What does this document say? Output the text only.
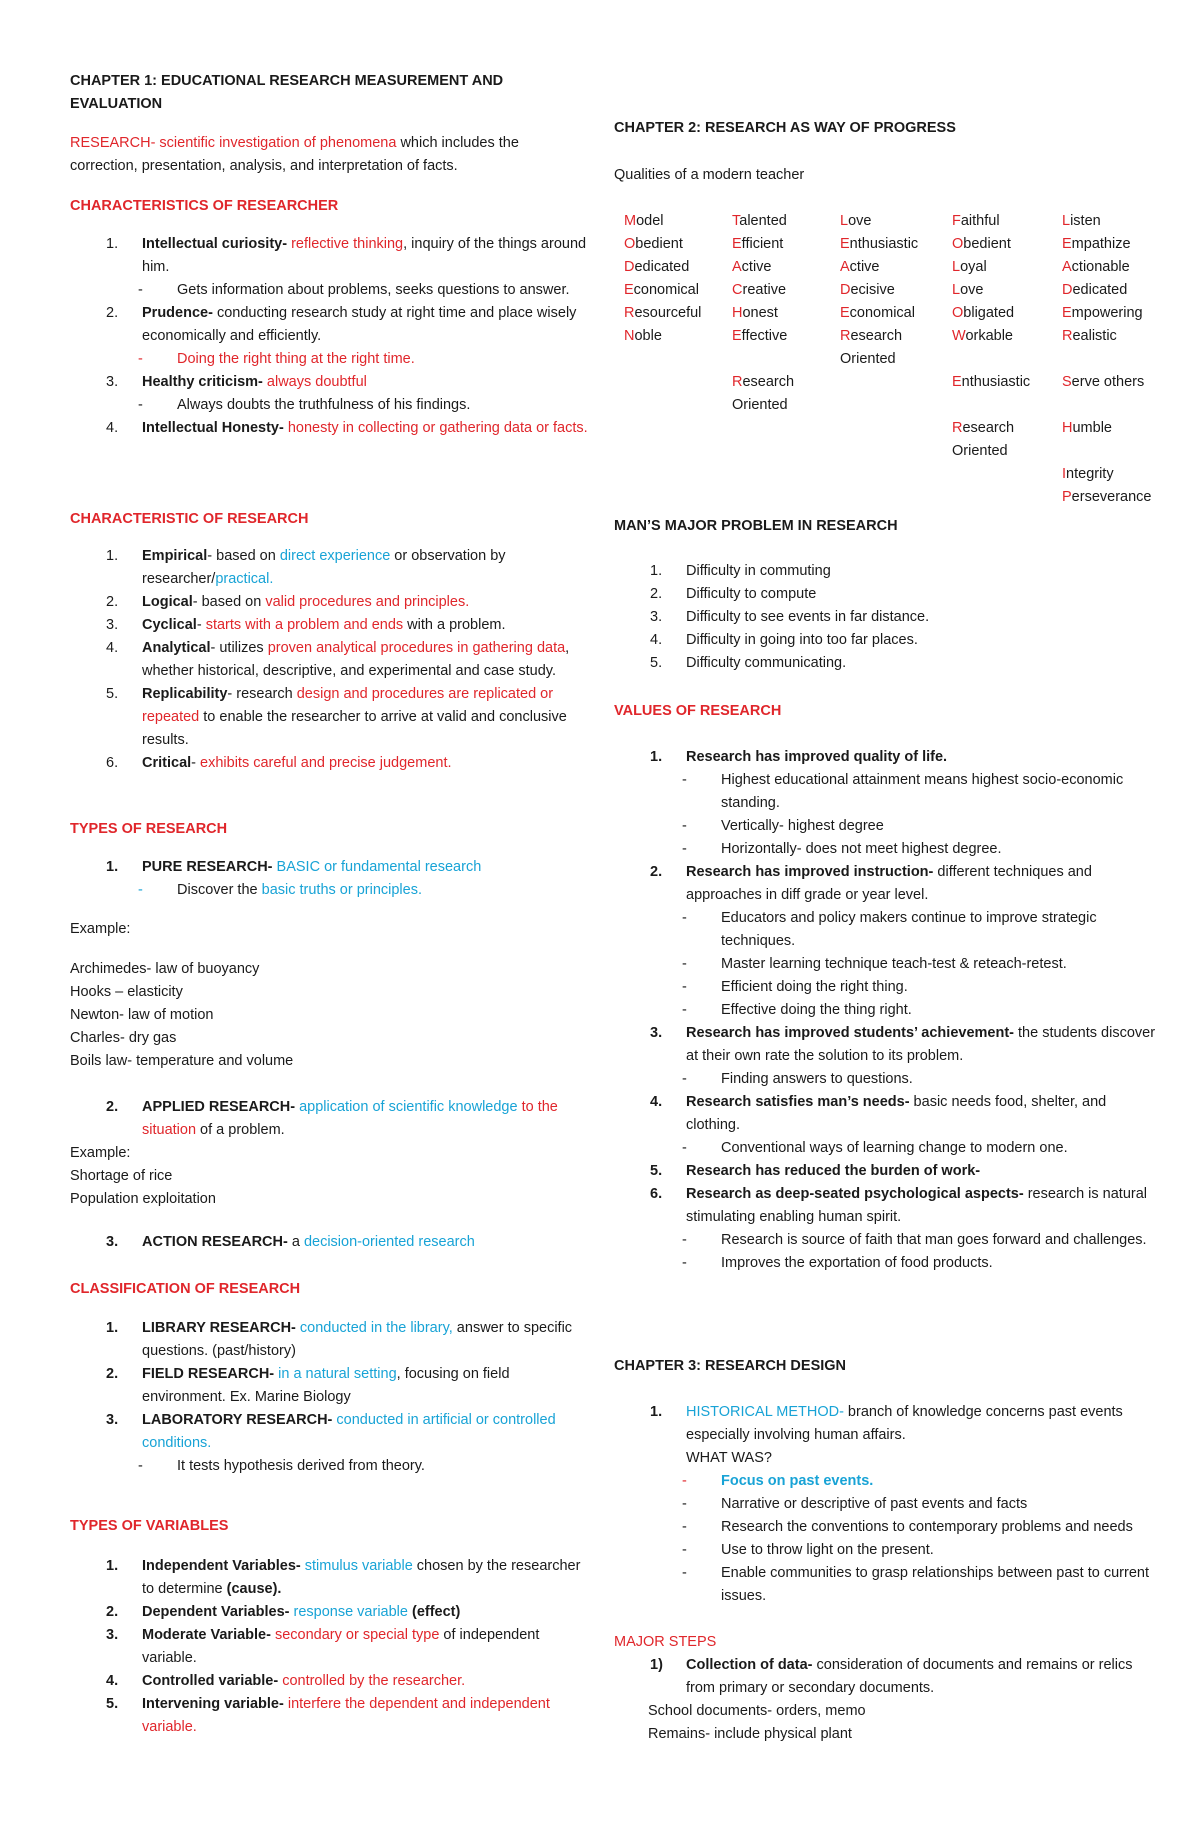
CHAPTER 1: EDUCATIONAL RESEARCH MEASUREMENT AND EVALUATION
RESEARCH- scientific investigation of phenomena which includes the correction, presentation, analysis, and interpretation of facts.
CHARACTERISTICS OF RESEARCHER
1. Intellectual curiosity- reflective thinking, inquiry of the things around him.
- Gets information about problems, seeks questions to answer.
2. Prudence- conducting research study at right time and place wisely economically and efficiently.
- Doing the right thing at the right time.
3. Healthy criticism- always doubtful
- Always doubts the truthfulness of his findings.
4. Intellectual Honesty- honesty in collecting or gathering data or facts.
CHARACTERISTIC OF RESEARCH
1. Empirical- based on direct experience or observation by researcher/practical.
2. Logical- based on valid procedures and principles.
3. Cyclical- starts with a problem and ends with a problem.
4. Analytical- utilizes proven analytical procedures in gathering data, whether historical, descriptive, and experimental and case study.
5. Replicability- research design and procedures are replicated or repeated to enable the researcher to arrive at valid and conclusive results.
6. Critical- exhibits careful and precise judgement.
TYPES OF RESEARCH
1. PURE RESEARCH- BASIC or fundamental research
- Discover the basic truths or principles.
Example:
Archimedes- law of buoyancy
Hooks – elasticity
Newton- law of motion
Charles- dry gas
Boils law- temperature and volume
2. APPLIED RESEARCH- application of scientific knowledge to the situation of a problem.
Example:
Shortage of rice
Population exploitation
3. ACTION RESEARCH- a decision-oriented research
CLASSIFICATION OF RESEARCH
1. LIBRARY RESEARCH- conducted in the library, answer to specific questions. (past/history)
2. FIELD RESEARCH- in a natural setting, focusing on field environment. Ex. Marine Biology
3. LABORATORY RESEARCH- conducted in artificial or controlled conditions.
- It tests hypothesis derived from theory.
TYPES OF VARIABLES
1. Independent Variables- stimulus variable chosen by the researcher to determine (cause).
2. Dependent Variables- response variable (effect)
3. Moderate Variable- secondary or special type of independent variable.
4. Controlled variable- controlled by the researcher.
5. Intervening variable- interfere the dependent and independent variable.
CHAPTER 2: RESEARCH AS WAY OF PROGRESS
Qualities of a modern teacher
Model
Obedient
Dedicated
Economical
Resourceful
Noble
Talented
Efficient
Active
Creative
Honest
Effective

Research
Oriented
Love
Enthusiastic
Active
Decisive
Economical
Research
Oriented
Faithful
Obedient
Loyal
Love
Obligated
Workable

Enthusiastic

Research
Oriented
Listen
Empathize
Actionable
Dedicated
Empowering
Realistic

Serve others

Humble

Integrity
Perseverance
MAN’S MAJOR PROBLEM IN RESEARCH
1. Difficulty in commuting
2. Difficulty to compute
3. Difficulty to see events in far distance.
4. Difficulty in going into too far places.
5. Difficulty communicating.
VALUES OF RESEARCH
1. Research has improved quality of life.
- Highest educational attainment means highest socio-economic standing.
- Vertically- highest degree
- Horizontally- does not meet highest degree.
2. Research has improved instruction- different techniques and approaches in diff grade or year level.
- Educators and policy makers continue to improve strategic techniques.
- Master learning technique teach-test & reteach-retest.
- Efficient doing the right thing.
- Effective doing the thing right.
3. Research has improved students’ achievement- the students discover at their own rate the solution to its problem.
- Finding answers to questions.
4. Research satisfies man’s needs- basic needs food, shelter, and clothing.
- Conventional ways of learning change to modern one.
5. Research has reduced the burden of work-
6. Research as deep-seated psychological aspects- research is natural stimulating enabling human spirit.
- Research is source of faith that man goes forward and challenges.
- Improves the exportation of food products.
CHAPTER 3: RESEARCH DESIGN
1. HISTORICAL METHOD- branch of knowledge concerns past events especially involving human affairs.
WHAT WAS?
- Focus on past events.
- Narrative or descriptive of past events and facts
- Research the conventions to contemporary problems and needs
- Use to throw light on the present.
- Enable communities to grasp relationships between past to current issues.
MAJOR STEPS
1) Collection of data- consideration of documents and remains or relics from primary or secondary documents.
School documents- orders, memo
Remains- include physical plant
